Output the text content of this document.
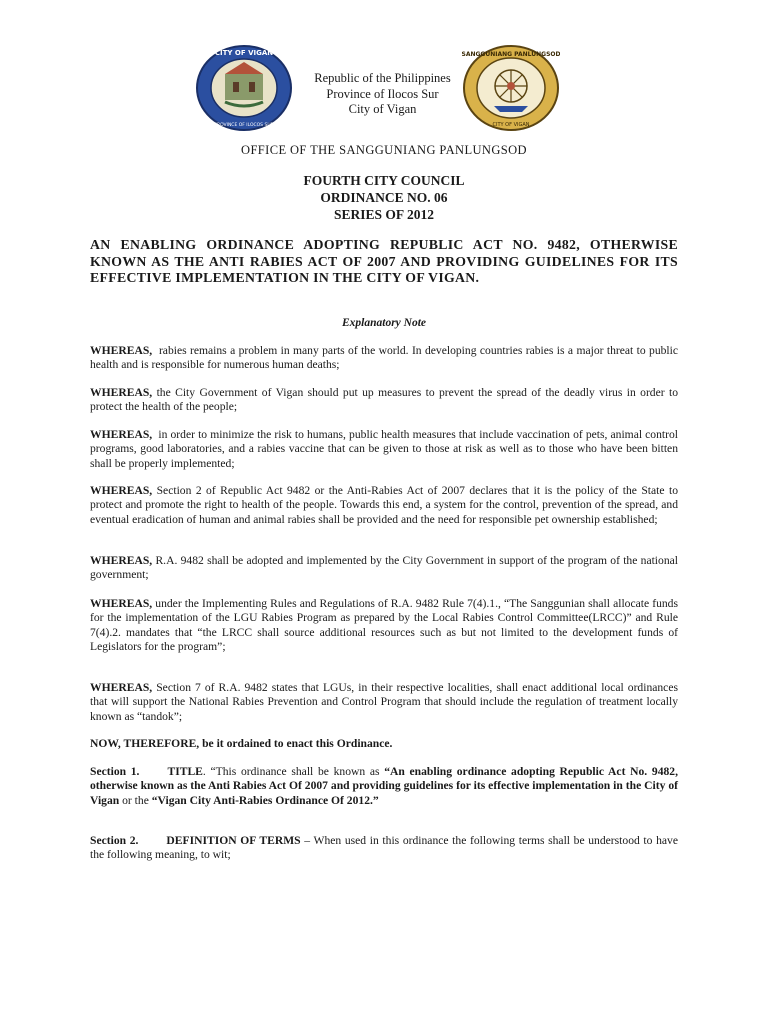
CITY OF VIGAN
PROVINCE OF ILOCOS SUR
Republic of the Philippines
Province of Ilocos Sur
City of Vigan
SANGGUNIANG PANLUNGSOD
CITY OF VIGAN
OFFICE OF THE SANGGUNIANG PANLUNGSOD
FOURTH CITY COUNCIL
ORDINANCE NO. 06
SERIES OF 2012
AN ENABLING ORDINANCE ADOPTING REPUBLIC ACT NO. 9482, OTHERWISE KNOWN AS THE ANTI RABIES ACT OF 2007 AND PROVIDING GUIDELINES FOR ITS EFFECTIVE IMPLEMENTATION IN THE CITY OF VIGAN.
Explanatory Note
WHEREAS, rabies remains a problem in many parts of the world. In developing countries rabies is a major threat to public health and is responsible for numerous human deaths;
WHEREAS, the City Government of Vigan should put up measures to prevent the spread of the deadly virus in order to protect the health of the people;
WHEREAS, in order to minimize the risk to humans, public health measures that include vaccination of pets, animal control programs, good laboratories, and a rabies vaccine that can be given to those at risk as well as to those who have been bitten shall be properly implemented;
WHEREAS, Section 2 of Republic Act 9482 or the Anti-Rabies Act of 2007 declares that it is the policy of the State to protect and promote the right to health of the people. Towards this end, a system for the control, prevention of the spread, and eventual eradication of human and animal rabies shall be provided and the need for responsible pet ownership established;
WHEREAS, R.A. 9482 shall be adopted and implemented by the City Government in support of the program of the national government;
WHEREAS, under the Implementing Rules and Regulations of R.A. 9482 Rule 7(4).1., “The Sanggunian shall allocate funds for the implementation of the LGU Rabies Program as prepared by the Local Rabies Control Committee(LRCC)” and Rule 7(4).2. mandates that “the LRCC shall source additional resources such as but not limited to the development funds of Legislators for the program”;
WHEREAS, Section 7 of R.A. 9482 states that LGUs, in their respective localities, shall enact additional local ordinances that will support the National Rabies Prevention and Control Program that should include the regulation of treatment locally known as “tandok”;
NOW, THEREFORE, be it ordained to enact this Ordinance.
Section 1. TITLE. “This ordinance shall be known as “An enabling ordinance adopting Republic Act No. 9482, otherwise known as the Anti Rabies Act Of 2007 and providing guidelines for its effective implementation in the City of Vigan or the “Vigan City Anti-Rabies Ordinance Of 2012.”
Section 2. DEFINITION OF TERMS – When used in this ordinance the following terms shall be understood to have the following meaning, to wit;
